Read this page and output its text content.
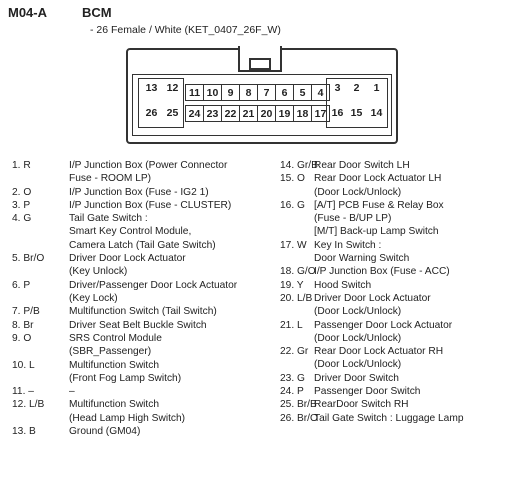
M04-A	BCM
- 26 Female / White (KET_0407_26F_W)
13 12
26 25
11 10 9	8	7	6	5	4
24 23 22 21 20 19 18 17
3	2	1
16 15 14
1. R	I/P Junction Box (Power Connector
Fuse - ROOM LP)
2. O	I/P Junction Box (Fuse - IG2 1)
3. P	I/P Junction Box (Fuse - CLUSTER)
4. G	Tail Gate Switch :
Smart Key Control Module,
Camera Latch (Tail Gate Switch)
5. Br/O Driver Door Lock Actuator
(Key Unlock)
6. P	Driver/Passenger Door Lock Actuator
(Key Lock)
7. P/B	Multifunction Switch (Tail Switch)
8. Br	Driver Seat Belt Buckle Switch
9. O	SRS Control Module
(SBR_Passenger)
10. L	Multifunction Switch
(Front Fog Lamp Switch)
11. –	–
12. L/B Multifunction Switch
(Head Lamp High Switch)
13. B	Ground (GM04)
14. Gr/B
Rear Door Switch LH
15. O Rear Door Lock Actuator LH
(Door Lock/Unlock)
16. G [A/T] PCB Fuse & Relay Box
(Fuse - B/UP LP)
[M/T] Back-up Lamp Switch
17. W Key In Switch :
Door Warning Switch
18. G/O
I/P Junction Box (Fuse - ACC)
19. Y Hood Switch
20. L/B Driver Door Lock Actuator
(Door Lock/Unlock)
21. L Passenger Door Lock Actuator
(Door Lock/Unlock)
22. Gr Rear Door Lock Actuator RH
(Door Lock/Unlock)
23. G Driver Door Switch
24. P Passenger Door Switch
25. Br/B
RearDoor Switch RH
26. Br/O
Tail Gate Switch : Luggage Lamp
